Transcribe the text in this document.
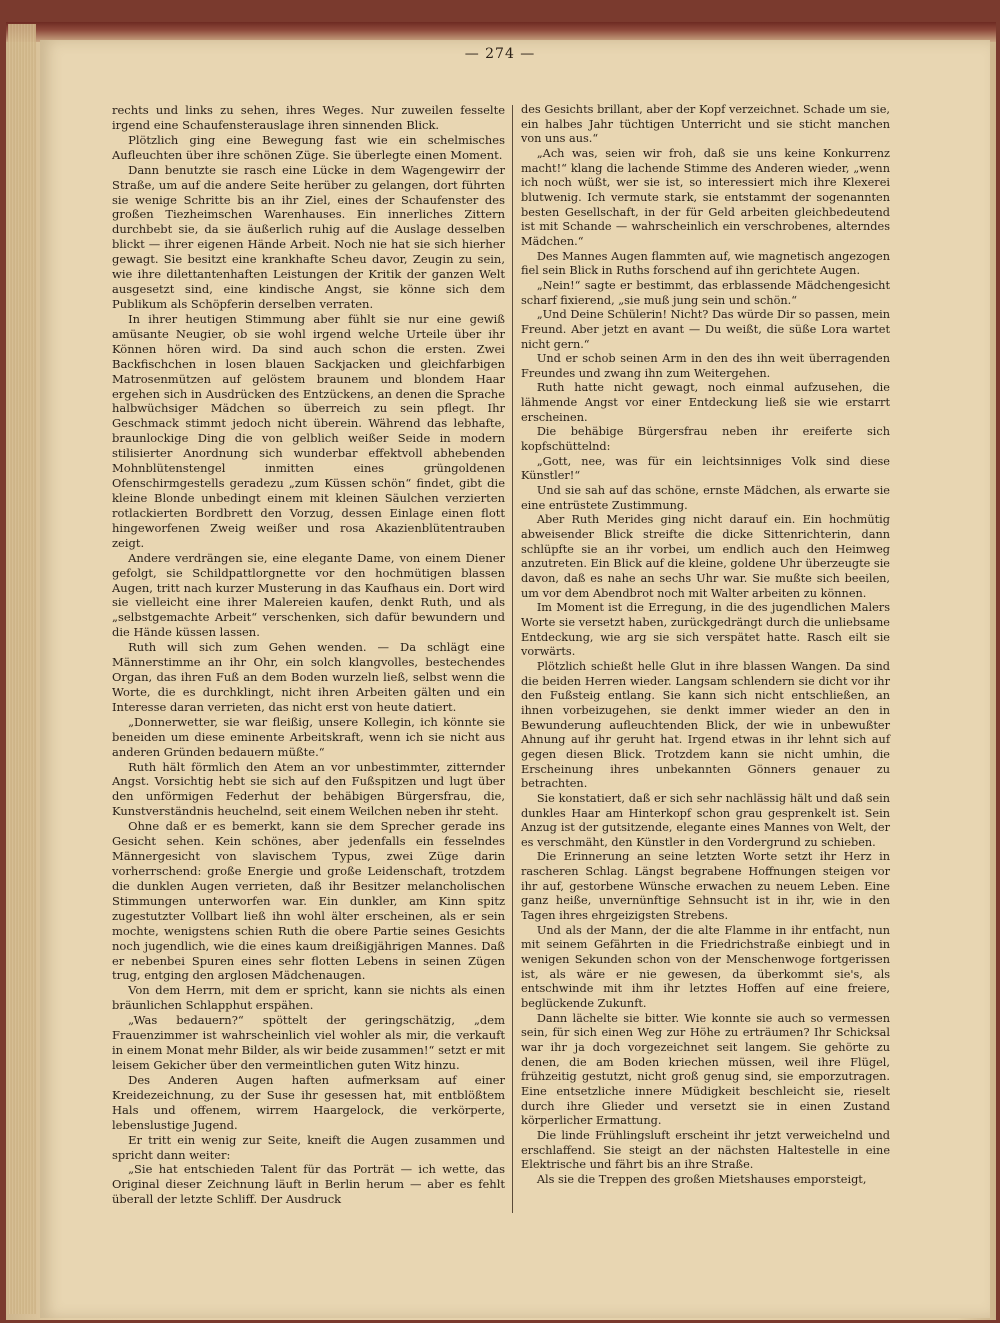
— 274 —

rechts und links zu sehen, ihres Weges. Nur zuweilen fesselte irgend eine Schaufensterauslage ihren sinnenden Blick.

Plötzlich ging eine Bewegung fast wie ein schelmisches Aufleuchten über ihre schönen Züge. Sie überlegte einen Moment.

Dann benutzte sie rasch eine Lücke in dem Wagengewirr der Straße, um auf die andere Seite herüber zu gelangen, dort führten sie wenige Schritte bis an ihr Ziel, eines der Schaufenster des großen Tiezheimschen Warenhauses. Ein innerliches Zittern durchbebt sie, da sie äußerlich ruhig auf die Auslage desselben blickt — ihrer eigenen Hände Arbeit. Noch nie hat sie sich hierher gewagt. Sie besitzt eine krankhafte Scheu davor, Zeugin zu sein, wie ihre dilettantenhaften Leistungen der Kritik der ganzen Welt ausgesetzt sind, eine kindische Angst, sie könne sich dem Publikum als Schöpferin derselben verraten.

In ihrer heutigen Stimmung aber fühlt sie nur eine gewiß amüsante Neugier, ob sie wohl irgend welche Urteile über ihr Können hören wird. Da sind auch schon die ersten. Zwei Backfischchen in losen blauen Sackjacken und gleichfarbigen Matrosenmützen auf gelöstem braunem und blondem Haar ergehen sich in Ausdrücken des Entzückens, an denen die Sprache halbwüchsiger Mädchen so überreich zu sein pflegt. Ihr Geschmack stimmt jedoch nicht überein. Während das lebhafte, braunlockige Ding die von gelblich weißer Seide in modern stilisierter Anordnung sich wunderbar effektvoll abhebenden Mohnblütenstengel inmitten eines grüngoldenen Ofenschirmgestells geradezu „zum Küssen schön“ findet, gibt die kleine Blonde unbedingt einem mit kleinen Säulchen verzierten rotlackierten Bordbrett den Vorzug, dessen Einlage einen flott hingeworfenen Zweig weißer und rosa Akazienblütentrauben zeigt.

Andere verdrängen sie, eine elegante Dame, von einem Diener gefolgt, sie Schildpattlorgnette vor den hochmütigen blassen Augen, tritt nach kurzer Musterung in das Kaufhaus ein. Dort wird sie vielleicht eine ihrer Malereien kaufen, denkt Ruth, und als „selbstgemachte Arbeit“ verschenken, sich dafür bewundern und die Hände küssen lassen.

Ruth will sich zum Gehen wenden. — Da schlägt eine Männerstimme an ihr Ohr, ein solch klangvolles, bestechendes Organ, das ihren Fuß an dem Boden wurzeln ließ, selbst wenn die Worte, die es durchklingt, nicht ihren Arbeiten gälten und ein Interesse daran verrieten, das nicht erst von heute datiert.

„Donnerwetter, sie war fleißig, unsere Kollegin, ich könnte sie beneiden um diese eminente Arbeitskraft, wenn ich sie nicht aus anderen Gründen bedauern müßte.“

Ruth hält förmlich den Atem an vor unbestimmter, zitternder Angst. Vorsichtig hebt sie sich auf den Fußspitzen und lugt über den unförmigen Federhut der behäbigen Bürgersfrau, die, Kunstverständnis heuchelnd, seit einem Weilchen neben ihr steht.

Ohne daß er es bemerkt, kann sie dem Sprecher gerade ins Gesicht sehen. Kein schönes, aber jedenfalls ein fesselndes Männergesicht von slavischem Typus, zwei Züge darin vorherrschend: große Energie und große Leidenschaft, trotzdem die dunklen Augen verrieten, daß ihr Besitzer melancholischen Stimmungen unterworfen war. Ein dunkler, am Kinn spitz zugestutzter Vollbart ließ ihn wohl älter erscheinen, als er sein mochte, wenigstens schien Ruth die obere Partie seines Gesichts noch jugendlich, wie die eines kaum dreißigjährigen Mannes. Daß er nebenbei Spuren eines sehr flotten Lebens in seinen Zügen trug, entging den arglosen Mädchenaugen.

Von dem Herrn, mit dem er spricht, kann sie nichts als einen bräunlichen Schlapphut erspähen.

„Was bedauern?“ spöttelt der geringschätzig, „dem Frauenzimmer ist wahrscheinlich viel wohler als mir, die verkauft in einem Monat mehr Bilder, als wir beide zusammen!“ setzt er mit leisem Gekicher über den vermeintlichen guten Witz hinzu.

Des Anderen Augen haften aufmerksam auf einer Kreidezeichnung, zu der Suse ihr gesessen hat, mit entblößtem Hals und offenem, wirrem Haargelock, die verkörperte, lebenslustige Jugend.

Er tritt ein wenig zur Seite, kneift die Augen zusammen und spricht dann weiter:

„Sie hat entschieden Talent für das Porträt — ich wette, das Original dieser Zeichnung läuft in Berlin herum — aber es fehlt überall der letzte Schliff. Der Ausdruck

des Gesichts brillant, aber der Kopf verzeichnet. Schade um sie, ein halbes Jahr tüchtigen Unterricht und sie sticht manchen von uns aus.“

„Ach was, seien wir froh, daß sie uns keine Konkurrenz macht!“ klang die lachende Stimme des Anderen wieder, „wenn ich noch wüßt, wer sie ist, so interessiert mich ihre Klexerei blutwenig. Ich vermute stark, sie entstammt der sogenannten besten Gesellschaft, in der für Geld arbeiten gleichbedeutend ist mit Schande — wahrscheinlich ein verschrobenes, alterndes Mädchen.“

Des Mannes Augen flammten auf, wie magnetisch angezogen fiel sein Blick in Ruths forschend auf ihn gerichtete Augen.

„Nein!“ sagte er bestimmt, das erblassende Mädchengesicht scharf fixierend, „sie muß jung sein und schön.“

„Und Deine Schülerin! Nicht? Das würde Dir so passen, mein Freund. Aber jetzt en avant — Du weißt, die süße Lora wartet nicht gern.“

Und er schob seinen Arm in den des ihn weit überragenden Freundes und zwang ihn zum Weitergehen.

Ruth hatte nicht gewagt, noch einmal aufzusehen, die lähmende Angst vor einer Entdeckung ließ sie wie erstarrt erscheinen.

Die behäbige Bürgersfrau neben ihr ereiferte sich kopfschüttelnd:

„Gott, nee, was für ein leichtsinniges Volk sind diese Künstler!“

Und sie sah auf das schöne, ernste Mädchen, als erwarte sie eine entrüstete Zustimmung.

Aber Ruth Merides ging nicht darauf ein. Ein hochmütig abweisender Blick streifte die dicke Sittenrichterin, dann schlüpfte sie an ihr vorbei, um endlich auch den Heimweg anzutreten. Ein Blick auf die kleine, goldene Uhr überzeugte sie davon, daß es nahe an sechs Uhr war. Sie mußte sich beeilen, um vor dem Abendbrot noch mit Walter arbeiten zu können.

Im Moment ist die Erregung, in die des jugendlichen Malers Worte sie versetzt haben, zurückgedrängt durch die unliebsame Entdeckung, wie arg sie sich verspätet hatte. Rasch eilt sie vorwärts.

Plötzlich schießt helle Glut in ihre blassen Wangen. Da sind die beiden Herren wieder. Langsam schlendern sie dicht vor ihr den Fußsteig entlang. Sie kann sich nicht entschließen, an ihnen vorbeizugehen, sie denkt immer wieder an den in Bewunderung aufleuchtenden Blick, der wie in unbewußter Ahnung auf ihr geruht hat. Irgend etwas in ihr lehnt sich auf gegen diesen Blick. Trotzdem kann sie nicht umhin, die Erscheinung ihres unbekannten Gönners genauer zu betrachten.

Sie konstatiert, daß er sich sehr nachlässig hält und daß sein dunkles Haar am Hinterkopf schon grau gesprenkelt ist. Sein Anzug ist der gutsitzende, elegante eines Mannes von Welt, der es verschmäht, den Künstler in den Vordergrund zu schieben.

Die Erinnerung an seine letzten Worte setzt ihr Herz in rascheren Schlag. Längst begrabene Hoffnungen steigen vor ihr auf, gestorbene Wünsche erwachen zu neuem Leben. Eine ganz heiße, unvernünftige Sehnsucht ist in ihr, wie in den Tagen ihres ehrgeizigsten Strebens.

Und als der Mann, der die alte Flamme in ihr entfacht, nun mit seinem Gefährten in die Friedrichstraße einbiegt und in wenigen Sekunden schon von der Menschenwoge fortgerissen ist, als wäre er nie gewesen, da überkommt sie's, als entschwinde mit ihm ihr letztes Hoffen auf eine freiere, beglückende Zukunft.

Dann lächelte sie bitter. Wie konnte sie auch so vermessen sein, für sich einen Weg zur Höhe zu erträumen? Ihr Schicksal war ihr ja doch vorgezeichnet seit langem. Sie gehörte zu denen, die am Boden kriechen müssen, weil ihre Flügel, frühzeitig gestutzt, nicht groß genug sind, sie emporzutragen. Eine entsetzliche innere Müdigkeit beschleicht sie, rieselt durch ihre Glieder und versetzt sie in einen Zustand körperlicher Ermattung.

Die linde Frühlingsluft erscheint ihr jetzt verweichelnd und erschlaffend. Sie steigt an der nächsten Haltestelle in eine Elektrische und fährt bis an ihre Straße.

Als sie die Treppen des großen Mietshauses emporsteigt,
